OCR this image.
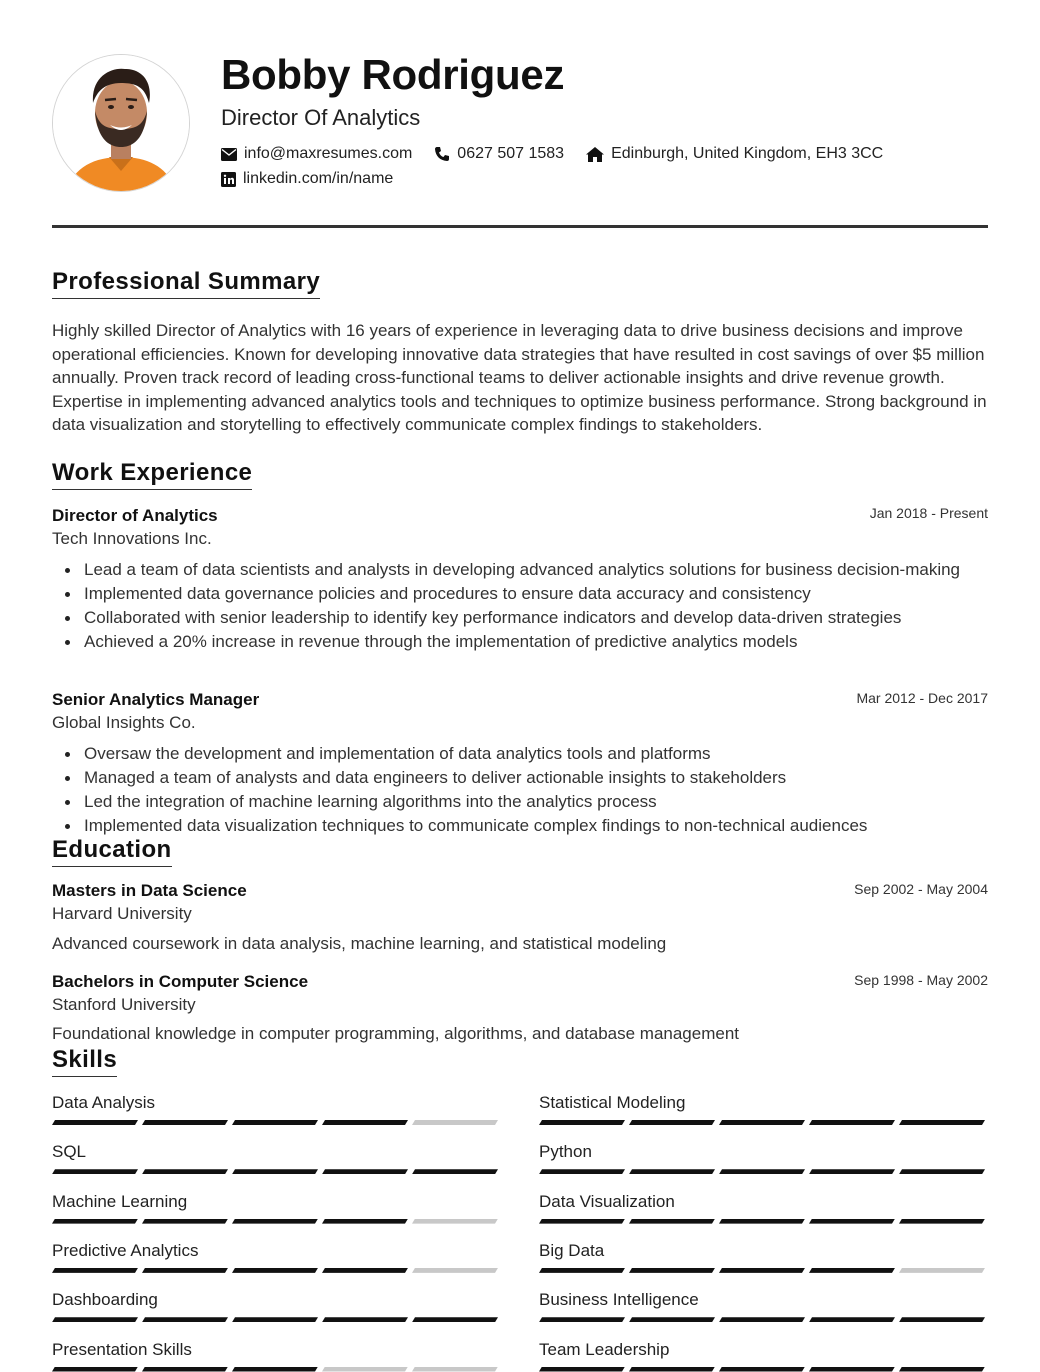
Bobby Rodriguez
Director Of Analytics
info@maxresumes.com	0627 507 1583	Edinburgh, United Kingdom, EH3 3CC
linkedin.com/in/name
Professional Summary
Highly skilled Director of Analytics with 16 years of experience in leveraging data to drive business decisions and improve operational efficiencies. Known for developing innovative data strategies that have resulted in cost savings of over $5 million annually. Proven track record of leading cross-functional teams to deliver actionable insights and drive revenue growth. Expertise in implementing advanced analytics tools and techniques to optimize business performance. Strong background in data visualization and storytelling to effectively communicate complex findings to stakeholders.
Work Experience
Director of Analytics	Jan 2018 - Present
Tech Innovations Inc.
Lead a team of data scientists and analysts in developing advanced analytics solutions for business decision-making
Implemented data governance policies and procedures to ensure data accuracy and consistency
Collaborated with senior leadership to identify key performance indicators and develop data-driven strategies
Achieved a 20% increase in revenue through the implementation of predictive analytics models
Senior Analytics Manager	Mar 2012 - Dec 2017
Global Insights Co.
Oversaw the development and implementation of data analytics tools and platforms
Managed a team of analysts and data engineers to deliver actionable insights to stakeholders
Led the integration of machine learning algorithms into the analytics process
Implemented data visualization techniques to communicate complex findings to non-technical audiences
Education
Masters in Data Science	Sep 2002 - May 2004
Harvard University
Advanced coursework in data analysis, machine learning, and statistical modeling
Bachelors in Computer Science	Sep 1998 - May 2002
Stanford University
Foundational knowledge in computer programming, algorithms, and database management
Skills
Data Analysis	Statistical Modeling
SQL	Python
Machine Learning	Data Visualization
Predictive Analytics	Big Data
Dashboarding	Business Intelligence
Presentation Skills	Team Leadership
